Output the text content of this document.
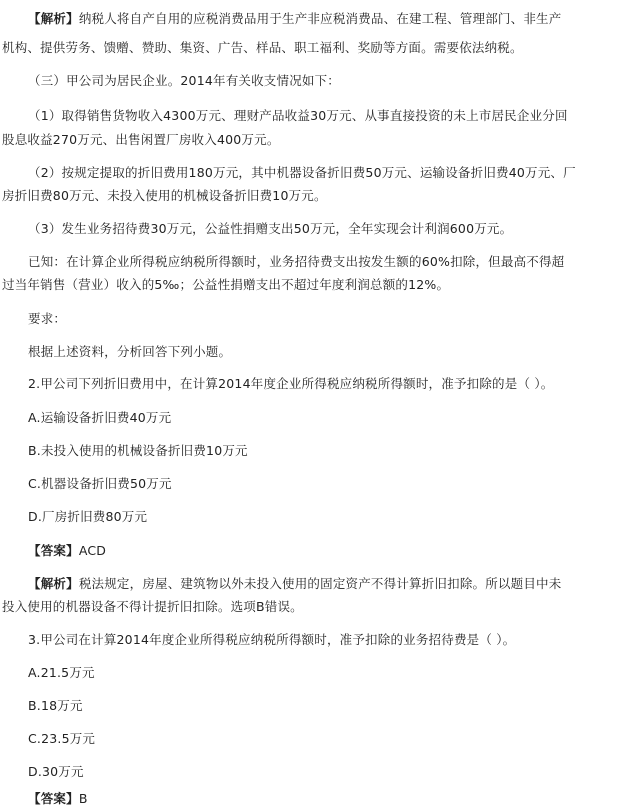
【解析】纳税人将自产自用的应税消费品用于生产非应税消费品、在建工程、管理部门、非生产
机构、提供劳务、馈赠、赞助、集资、广告、样品、职工福利、奖励等方面。需要依法纳税。
（三）甲公司为居民企业。2014年有关收支情况如下：
（1）取得销售货物收入4300万元、理财产品收益30万元、从事直接投资的未上市居民企业分回
股息收益270万元、出售闲置厂房收入400万元。
（2）按规定提取的折旧费用180万元，其中机器设备折旧费50万元、运输设备折旧费40万元、厂
房折旧费80万元、未投入使用的机械设备折旧费10万元。
（3）发生业务招待费30万元，公益性捐赠支出50万元，全年实现会计利润600万元。
已知：在计算企业所得税应纳税所得额时，业务招待费支出按发生额的60%扣除，但最高不得超
过当年销售（营业）收入的5‰；公益性捐赠支出不超过年度利润总额的12%。
要求：
根据上述资料，分析回答下列小题。
2.甲公司下列折旧费用中，在计算2014年度企业所得税应纳税所得额时，准予扣除的是（ ）。
A.运输设备折旧费40万元
B.未投入使用的机械设备折旧费10万元
C.机器设备折旧费50万元
D.厂房折旧费80万元
【答案】ACD
【解析】税法规定，房屋、建筑物以外未投入使用的固定资产不得计算折旧扣除。所以题目中未
投入使用的机器设备不得计提折旧扣除。选项B错误。
3.甲公司在计算2014年度企业所得税应纳税所得额时，准予扣除的业务招待费是（ ）。
A.21.5万元
B.18万元
C.23.5万元
D.30万元
【答案】B
